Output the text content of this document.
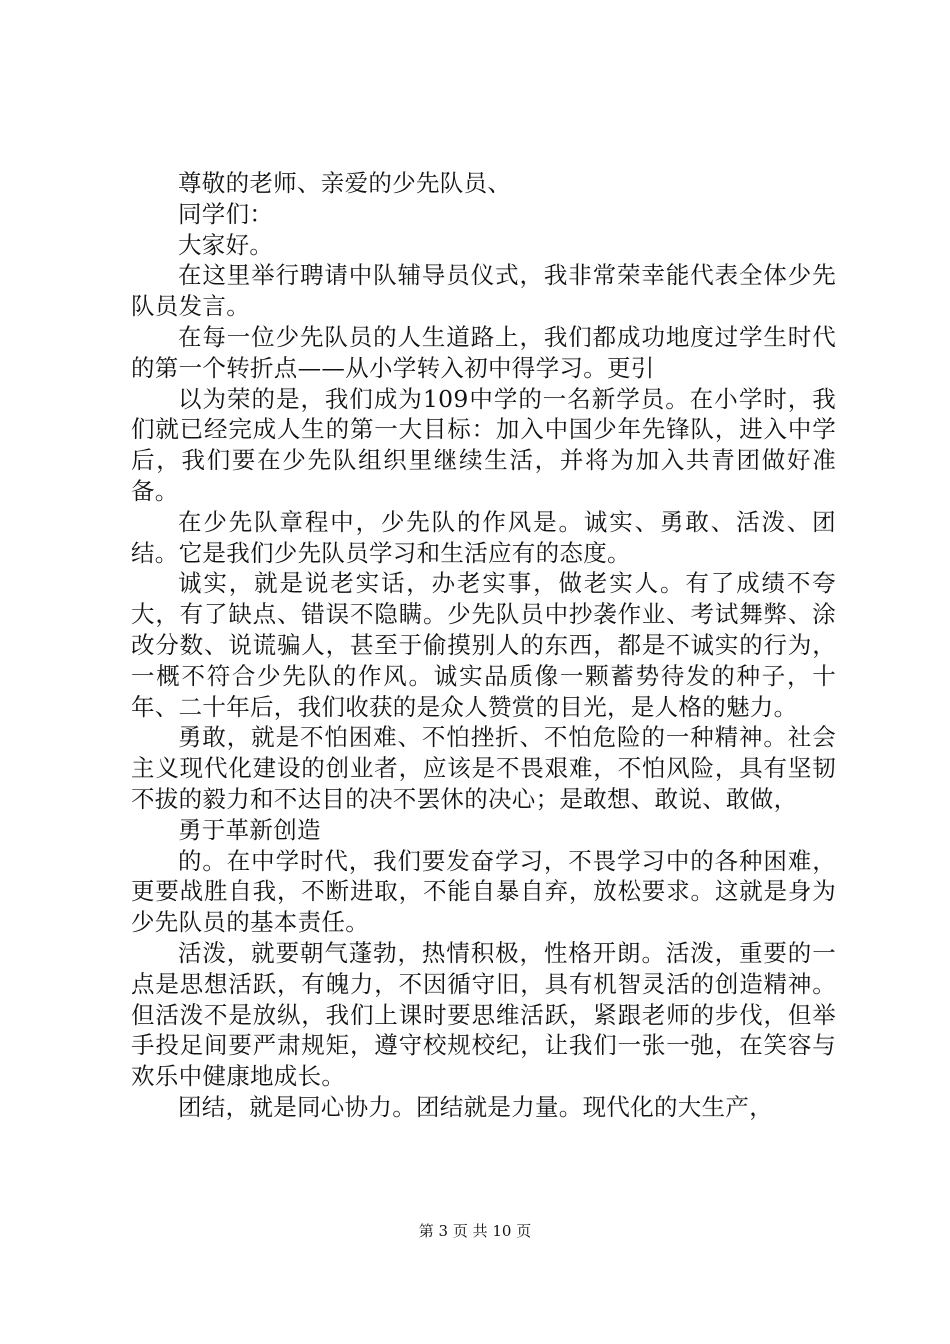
尊敬的老师、亲爱的少先队员、

同学们：

大家好。

在这里举行聘请中队辅导员仪式，我非常荣幸能代表全体少先队员发言。

在每一位少先队员的人生道路上，我们都成功地度过学生时代的第一个转折点——从小学转入初中得学习。更引

以为荣的是，我们成为109中学的一名新学员。在小学时，我们就已经完成人生的第一大目标：加入中国少年先锋队，进入中学后，我们要在少先队组织里继续生活，并将为加入共青团做好准备。

在少先队章程中，少先队的作风是。诚实、勇敢、活泼、团结。它是我们少先队员学习和生活应有的态度。

诚实，就是说老实话，办老实事，做老实人。有了成绩不夸大，有了缺点、错误不隐瞒。少先队员中抄袭作业、考试舞弊、涂改分数、说谎骗人，甚至于偷摸别人的东西，都是不诚实的行为，一概不符合少先队的作风。诚实品质像一颗蓄势待发的种子，十年、二十年后，我们收获的是众人赞赏的目光，是人格的魅力。

勇敢，就是不怕困难、不怕挫折、不怕危险的一种精神。社会主义现代化建设的创业者，应该是不畏艰难，不怕风险，具有坚韧不拔的毅力和不达目的决不罢休的决心；是敢想、敢说、敢做，

勇于革新创造

的。在中学时代，我们要发奋学习，不畏学习中的各种困难，更要战胜自我，不断进取，不能自暴自弃，放松要求。这就是身为少先队员的基本责任。

活泼，就要朝气蓬勃，热情积极，性格开朗。活泼，重要的一点是思想活跃，有魄力，不因循守旧，具有机智灵活的创造精神。但活泼不是放纵，我们上课时要思维活跃，紧跟老师的步伐，但举手投足间要严肃规矩，遵守校规校纪，让我们一张一弛，在笑容与欢乐中健康地成长。

团结，就是同心协力。团结就是力量。现代化的大生产，

第 3 页 共 10 页
